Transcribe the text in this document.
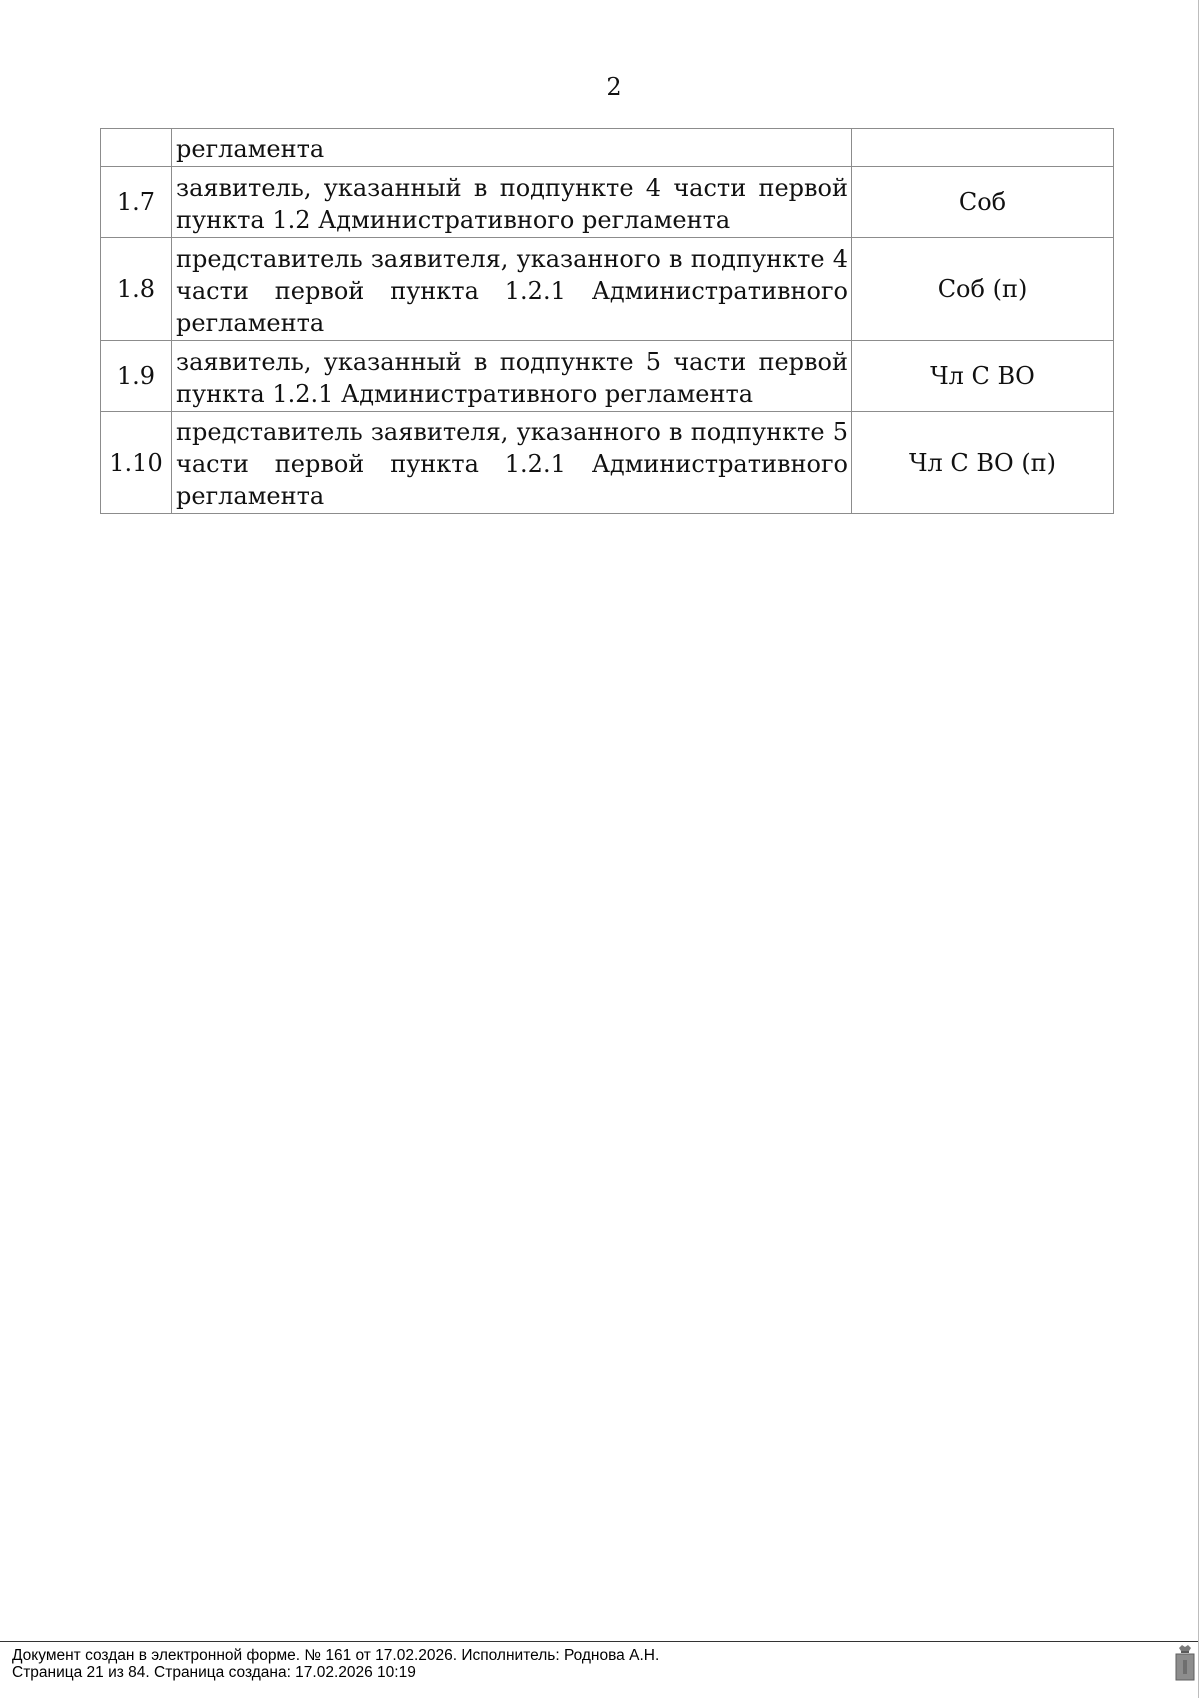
2
	регламента	
1.7	заявитель, указанный в подпункте 4 части первой пункта 1.2 Административного регламента	Соб
1.8	представитель заявителя, указанного в подпункте 4 части первой пункта 1.2.1 Административного регламента	Соб (п)
1.9	заявитель, указанный в подпункте 5 части первой пункта 1.2.1 Административного регламента	Чл С ВО
1.10	представитель заявителя, указанного в подпункте 5 части первой пункта 1.2.1 Административного регламента	Чл С ВО (п)
Документ создан в электронной форме. № 161 от 17.02.2026. Исполнитель: Роднова А.Н.
Страница 21 из 84. Страница создана: 17.02.2026 10:19
